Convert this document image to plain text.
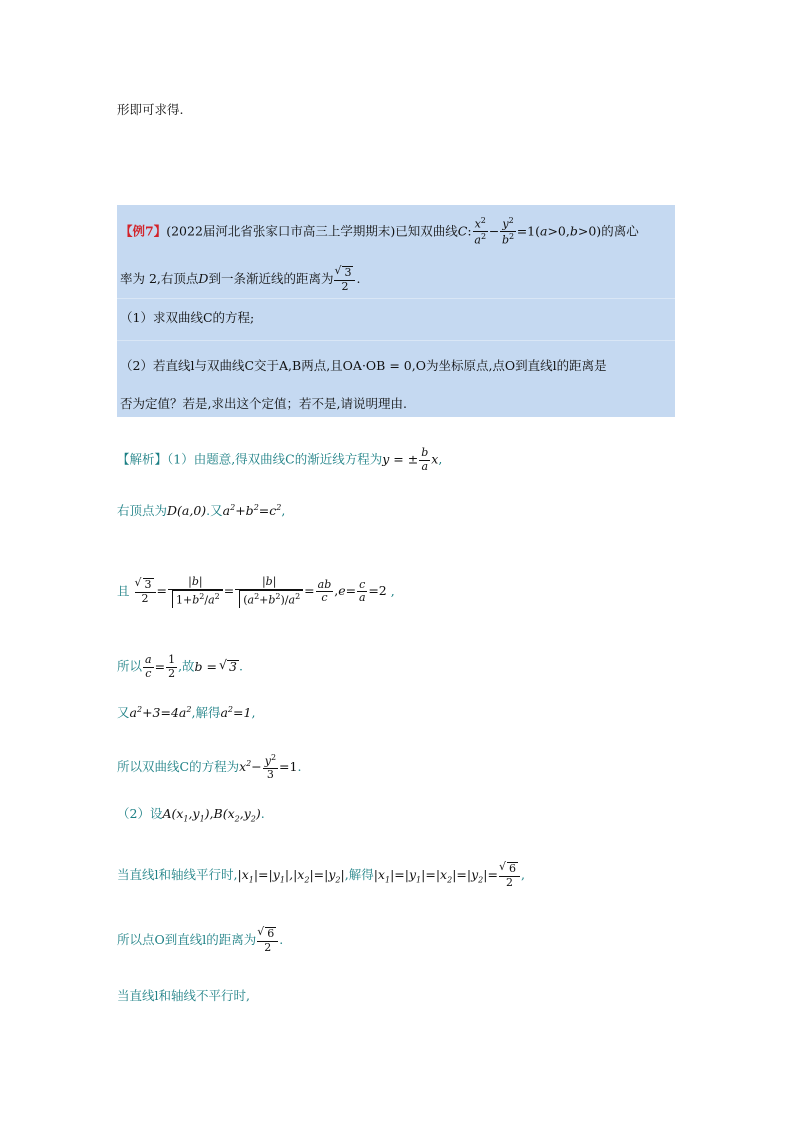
形即可求得.
【例7】(2022届河北省张家口市高三上学期期末)已知双曲线C: $\frac{x^2}{a^2} - \frac{y^2}{b^2} =1(a>0,b>0)$的离心
率为 2,右顶点D到一条渐近线的距离为 √ $\frac{3}{2}$ .
（1）求双曲线C的方程;
（2）若直线l与双曲线C交于A,B两点,且OA·OB = 0,O为坐标原点,点O到直线l的距离是
否为定值？若是,求出这个定值；若不是,请说明理由.
【解析】（1）由题意,得双曲线C的渐近线方程为y = ± $\frac{b}{a} x$,
右顶点为D(a,0).又$a^2+b^2=c^2$,
且 √ $\frac{3}{2} = \frac{|b|}{1+b^2/a^2} = \frac{|b|}{(a^2+b^2)/a^2} = \frac{ab}{c} ,e= \frac{c}{a} =2$ ,
所以 $\frac{a}{c} = \frac{1}{2}$ ,故b = √ 3 .
又$a^2+3=4a^2$,解得$a^2=1$,
所以双曲线C的方程为$x^2- \frac{y^2}{3} =1$.
（2）设$A(x_1,y_1),B(x_2,y_2)$.
当直线l和轴线平行时$,|x_1|=|y_1|,|x_2|=|y_2|$,解得$|x_1|=|y_1|=|x_2|=|y_2|=$ √ $\frac{6}{2}$ ,
所以点O到直线l的距离为 √ $\frac{6}{2}$ .
当直线l和轴线不平行时,
